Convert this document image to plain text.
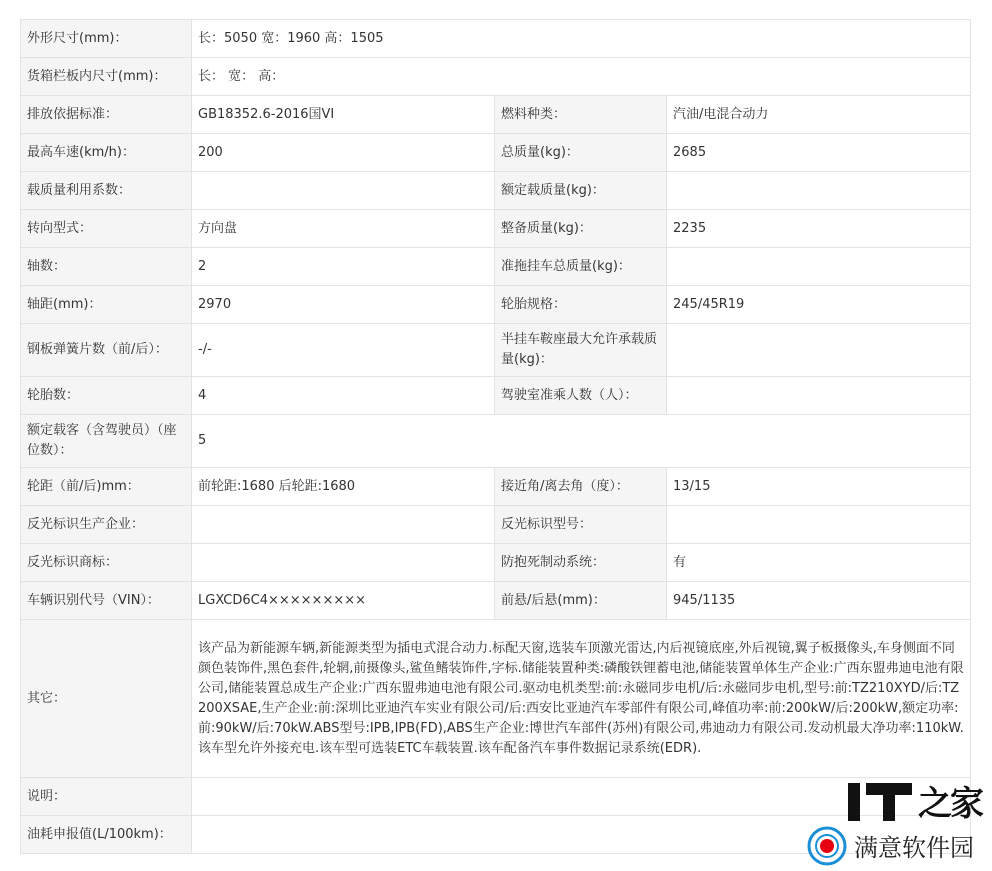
外形尺寸(mm)：	长：5050 宽：1960 高：1505		
货箱栏板内尺寸(mm)：	长： 宽： 高：		
排放依据标准：	GB18352.6-2016国VI	燃料种类：	汽油/电混合动力
最高车速(km/h)：	200	总质量(kg)：	2685
载质量利用系数：		额定载质量(kg)：	
转向型式：	方向盘	整备质量(kg)：	2235
轴数：	2	准拖挂车总质量(kg)：	
轴距(mm)：	2970	轮胎规格：	245/45R19
钢板弹簧片数（前/后）：	-/-	半挂车鞍座最大允许承载质量(kg)：	
轮胎数：	4	驾驶室准乘人数（人）：	
额定载客（含驾驶员）（座位数）：	5		
轮距（前/后)mm：	前轮距:1680 后轮距:1680	接近角/离去角（度）：	13/15
反光标识生产企业：		反光标识型号：	
反光标识商标：		防抱死制动系统：	有
车辆识别代号（VIN）：	LGXCD6C4×××××××××	前悬/后悬(mm)：	945/1135
其它：	该产品为新能源车辆,新能源类型为插电式混合动力.标配天窗,选装车顶激光雷达,内后视镜底座,外后视镜,翼子板摄像头,车身侧面不同颜色装饰件,黑色套件,轮辋,前摄像头,鲨鱼鳍装饰件,字标.储能装置种类:磷酸铁锂蓄电池,储能装置单体生产企业:广西东盟弗迪电池有限公司,储能装置总成生产企业:广西东盟弗迪电池有限公司.驱动电机类型:前:永磁同步电机/后:永磁同步电机,型号:前:TZ210XYD/后:TZ200XSAE,生产企业:前:深圳比亚迪汽车实业有限公司/后:西安比亚迪汽车零部件有限公司,峰值功率:前:200kW/后:200kW,额定功率:前:90kW/后:70kW.ABS型号:IPB,IPB(FD),ABS生产企业:博世汽车部件(苏州)有限公司,弗迪动力有限公司.发动机最大净功率:110kW.该车型允许外接充电.该车型可选装ETC车载装置.该车配备汽车事件数据记录系统(EDR).		
说明：			
油耗申报值(L/100km)：			
之家
满意软件园
